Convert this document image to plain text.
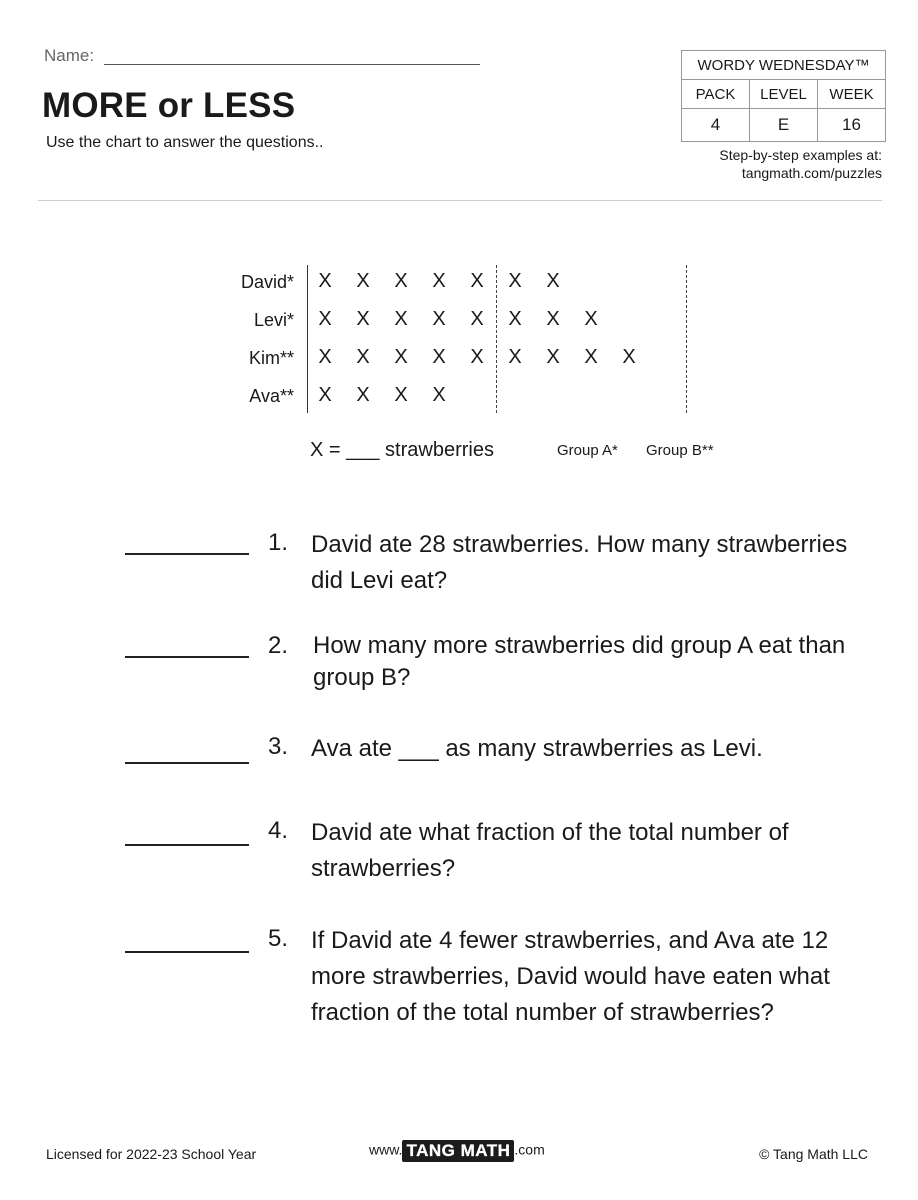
Name:
MORE or LESS
Use the chart to answer the questions..
WORDY WEDNESDAY™		
PACK	LEVEL	WEEK
4	E	16
Step-by-step examples at:
tangmath.com/puzzles
David* X X X X X X X
Levi* X X X X X X X X
Kim** X X X X X X X X X
Ava** X X X X
X = ___ strawberries	Group A* Group B**
1. David ate 28 strawberries. How many strawberries did Levi eat?
2. How many more strawberries did group A eat than group B?
3. Ava ate ___ as many strawberries as Levi.
4. David ate what fraction of the total number of strawberries?
5. If David ate 4 fewer strawberries, and Ava ate 12 more strawberries, David would have eaten what fraction of the total number of strawberries?
Licensed for 2022-23 School Year	www. TANG MATH .com	© Tang Math LLC
